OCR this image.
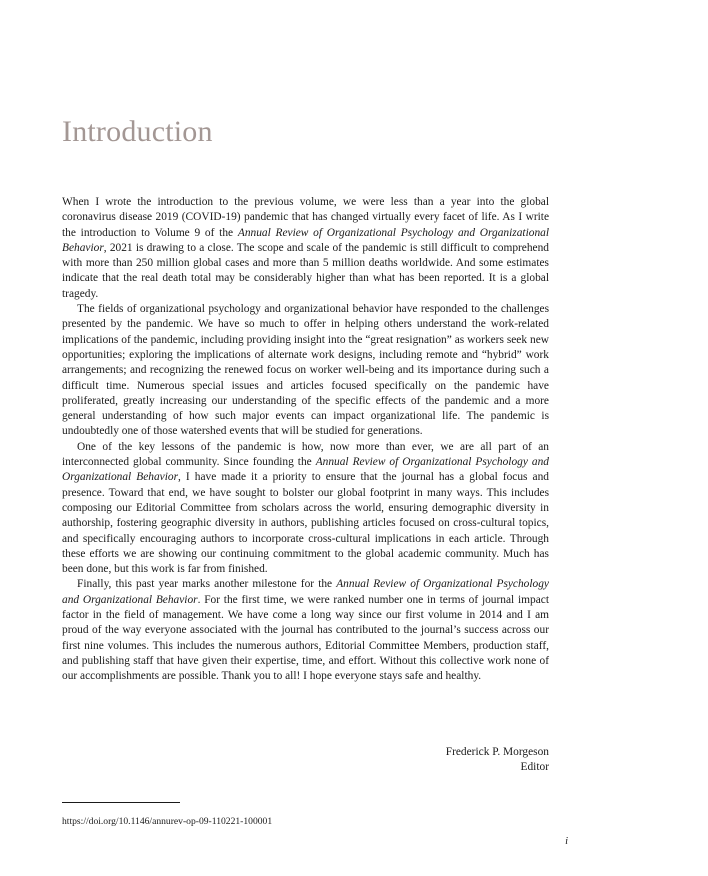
Introduction

When I wrote the introduction to the previous volume, we were less than a year into the global coronavirus disease 2019 (COVID-19) pandemic that has changed virtually every facet of life. As I write the introduction to Volume 9 of the Annual Review of Organizational Psychology and Organizational Behavior, 2021 is drawing to a close. The scope and scale of the pandemic is still difficult to comprehend with more than 250 million global cases and more than 5 million deaths worldwide. And some estimates indicate that the real death total may be considerably higher than what has been reported. It is a global tragedy.

The fields of organizational psychology and organizational behavior have responded to the challenges presented by the pandemic. We have so much to offer in helping others understand the work-related implications of the pandemic, including providing insight into the “great resignation” as workers seek new opportunities; exploring the implications of alternate work designs, including remote and “hybrid” work arrangements; and recognizing the renewed focus on worker well-being and its importance during such a difficult time. Numerous special issues and articles focused specifically on the pandemic have proliferated, greatly increasing our understanding of the specific effects of the pandemic and a more general understanding of how such major events can impact organizational life. The pandemic is undoubtedly one of those watershed events that will be studied for generations.

One of the key lessons of the pandemic is how, now more than ever, we are all part of an interconnected global community. Since founding the Annual Review of Organizational Psychology and Organizational Behavior, I have made it a priority to ensure that the journal has a global focus and presence. Toward that end, we have sought to bolster our global footprint in many ways. This includes composing our Editorial Committee from scholars across the world, ensuring demographic diversity in authorship, fostering geographic diversity in authors, publishing articles focused on cross-cultural topics, and specifically encouraging authors to incorporate cross-cultural implications in each article. Through these efforts we are showing our continuing commitment to the global academic community. Much has been done, but this work is far from finished.

Finally, this past year marks another milestone for the Annual Review of Organizational Psychology and Organizational Behavior. For the first time, we were ranked number one in terms of journal impact factor in the field of management. We have come a long way since our first volume in 2014 and I am proud of the way everyone associated with the journal has contributed to the journal’s success across our first nine volumes. This includes the numerous authors, Editorial Committee Members, production staff, and publishing staff that have given their expertise, time, and effort. Without this collective work none of our accomplishments are possible. Thank you to all! I hope everyone stays safe and healthy.

Frederick P. Morgeson
Editor
https://doi.org/10.1146/annurev-op-09-110221-100001
i
